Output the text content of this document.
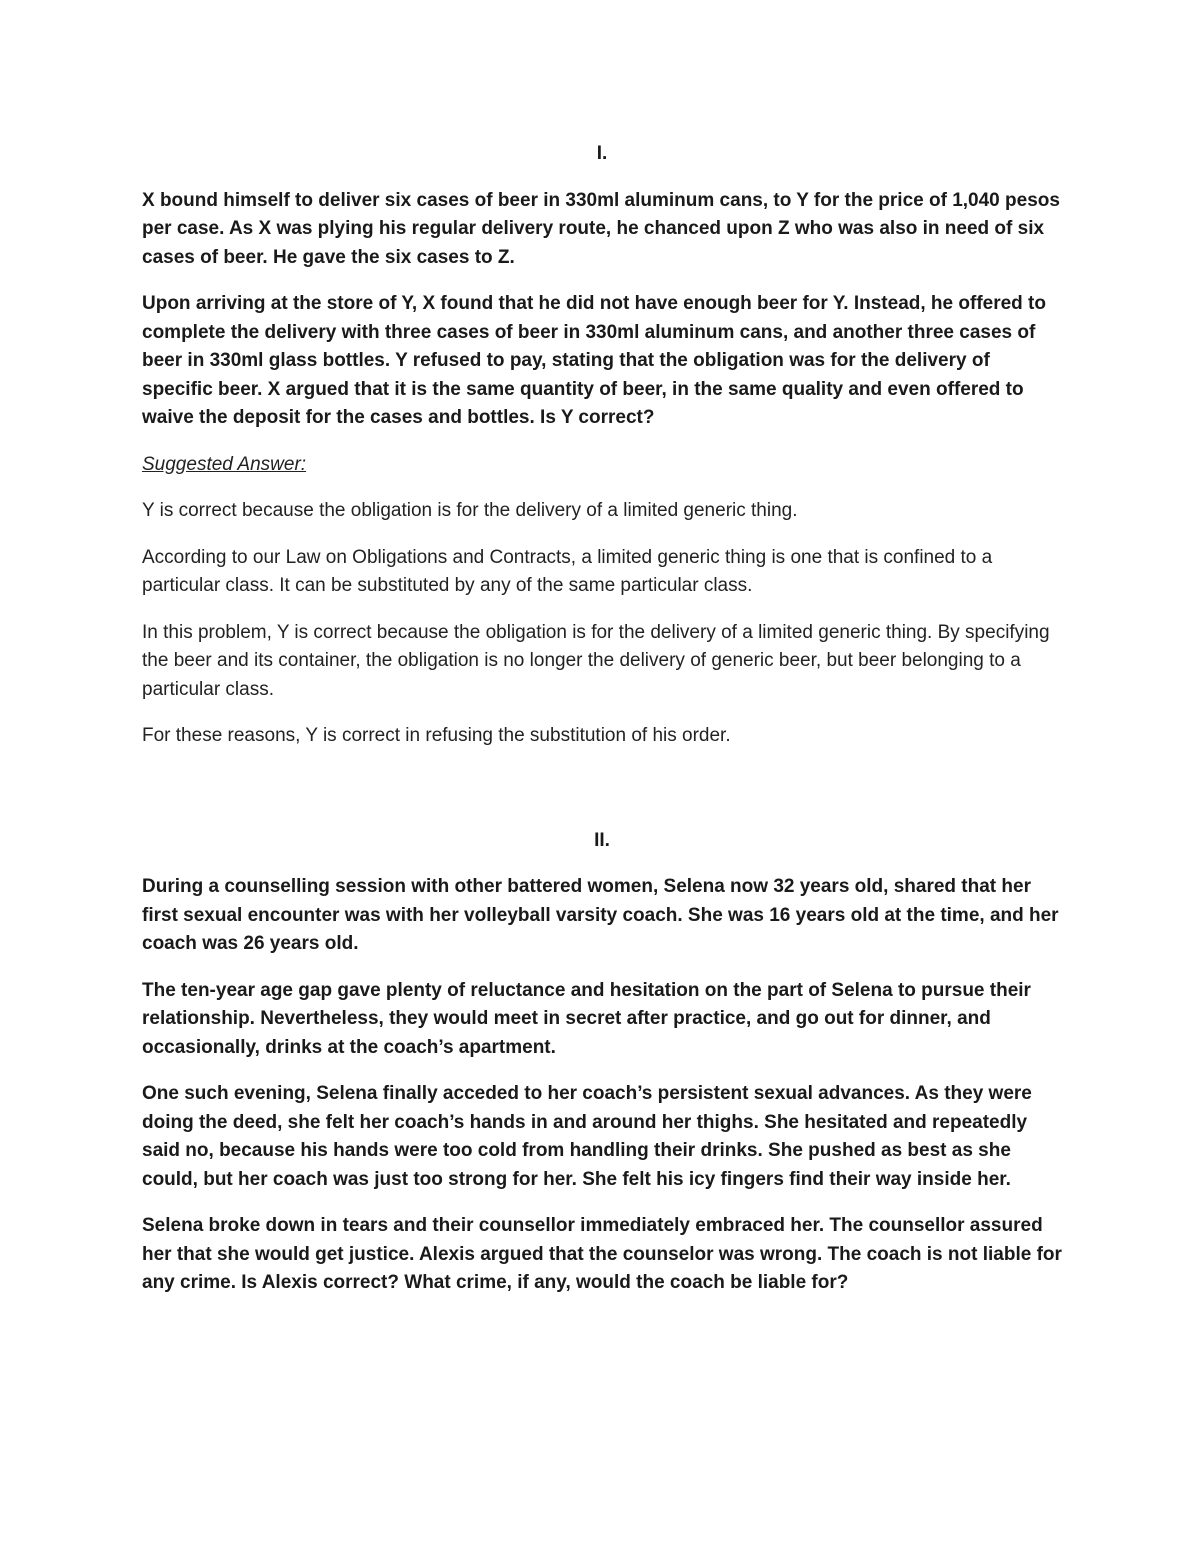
I.

X bound himself to deliver six cases of beer in 330ml aluminum cans, to Y for the price of 1,040 pesos per case. As X was plying his regular delivery route, he chanced upon Z who was also in need of six cases of beer. He gave the six cases to Z.

Upon arriving at the store of Y, X found that he did not have enough beer for Y. Instead, he offered to complete the delivery with three cases of beer in 330ml aluminum cans, and another three cases of beer in 330ml glass bottles. Y refused to pay, stating that the obligation was for the delivery of specific beer. X argued that it is the same quantity of beer, in the same quality and even offered to waive the deposit for the cases and bottles. Is Y correct?

Suggested Answer:

Y is correct because the obligation is for the delivery of a limited generic thing.

According to our Law on Obligations and Contracts, a limited generic thing is one that is confined to a particular class. It can be substituted by any of the same particular class.

In this problem, Y is correct because the obligation is for the delivery of a limited generic thing. By specifying the beer and its container, the obligation is no longer the delivery of generic beer, but beer belonging to a particular class.

For these reasons, Y is correct in refusing the substitution of his order.

II.

During a counselling session with other battered women, Selena now 32 years old, shared that her first sexual encounter was with her volleyball varsity coach. She was 16 years old at the time, and her coach was 26 years old.

The ten-year age gap gave plenty of reluctance and hesitation on the part of Selena to pursue their relationship. Nevertheless, they would meet in secret after practice, and go out for dinner, and occasionally, drinks at the coach’s apartment.

One such evening, Selena finally acceded to her coach’s persistent sexual advances. As they were doing the deed, she felt her coach’s hands in and around her thighs. She hesitated and repeatedly said no, because his hands were too cold from handling their drinks. She pushed as best as she could, but her coach was just too strong for her. She felt his icy fingers find their way inside her.

Selena broke down in tears and their counsellor immediately embraced her. The counsellor assured her that she would get justice. Alexis argued that the counselor was wrong. The coach is not liable for any crime. Is Alexis correct? What crime, if any, would the coach be liable for?
